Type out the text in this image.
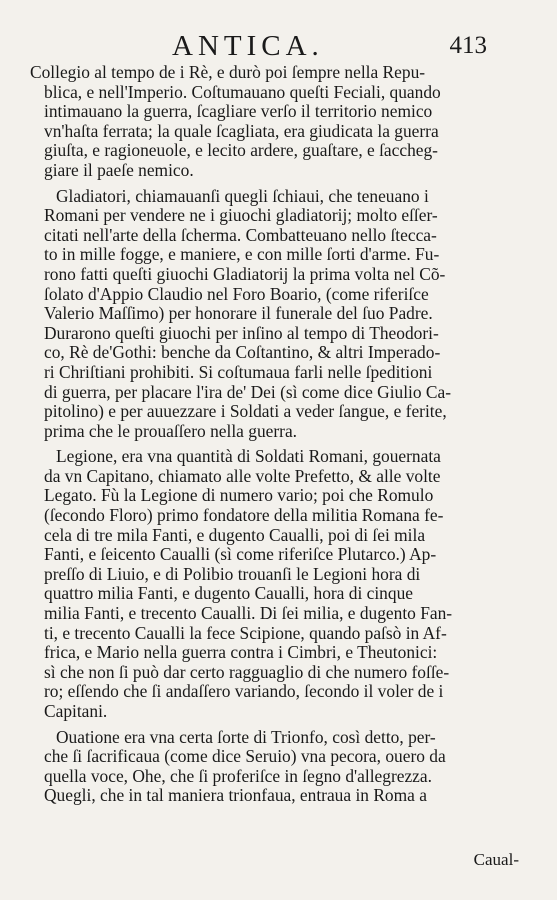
ANTICA.	413
Collegio al tempo de i Rè, e durò poi ſempre nella Repu-
blica, e nell'Imperio. Coſtumauano queſti Feciali, quando
intimauano la guerra, ſcagliare verſo il territorio nemico
vn'haſta ferrata; la quale ſcagliata, era giudicata la guerra
giuſta, e ragioneuole, e lecito ardere, guaſtare, e ſaccheg-
giare il paeſe nemico.
Gladiatori, chiamauanſi quegli ſchiaui, che teneuano i
Romani per vendere ne i giuochi gladiatorij; molto eſſer-
citati nell'arte della ſcherma. Combatteuano nello ſtecca-
to in mille fogge, e maniere, e con mille ſorti d'arme. Fu-
rono fatti queſti giuochi Gladiatorij la prima volta nel Cõ-
ſolato d'Appio Claudio nel Foro Boario, (come riferiſce
Valerio Maſſimo) per honorare il funerale del ſuo Padre.
Durarono queſti giuochi per inſino al tempo di Theodori-
co, Rè de'Gothi: benche da Coſtantino, & altri Imperado-
ri Chriſtiani prohibiti. Si coſtumaua farli nelle ſpeditioni
di guerra, per placare l'ira de' Dei (sì come dice Giulio Ca-
pitolino) e per auuezzare i Soldati a veder ſangue, e ferite,
prima che le prouaſſero nella guerra.
Legione, era vna quantità di Soldati Romani, gouernata
da vn Capitano, chiamato alle volte Prefetto, & alle volte
Legato. Fù la Legione di numero vario; poi che Romulo
(ſecondo Floro) primo fondatore della militia Romana fe-
cela di tre mila Fanti, e dugento Caualli, poi di ſei mila
Fanti, e ſeicento Caualli (sì come riferiſce Plutarco.) Ap-
preſſo di Liuio, e di Polibio trouanſi le Legioni hora di
quattro milia Fanti, e dugento Caualli, hora di cinque
milia Fanti, e trecento Caualli. Di ſei milia, e dugento Fan-
ti, e trecento Caualli la fece Scipione, quando paſsò in Af-
frica, e Mario nella guerra contra i Cimbri, e Theutonici:
sì che non ſi può dar certo ragguaglio di che numero foſſe-
ro; eſſendo che ſi andaſſero variando, ſecondo il voler de i
Capitani.
Ouatione era vna certa ſorte di Trionfo, così detto, per-
che ſi ſacrificaua (come dice Seruio) vna pecora, ouero da
quella voce, Ohe, che ſi proferiſce in ſegno d'allegrezza.
Quegli, che in tal maniera trionfaua, entraua in Roma a
Caual-
